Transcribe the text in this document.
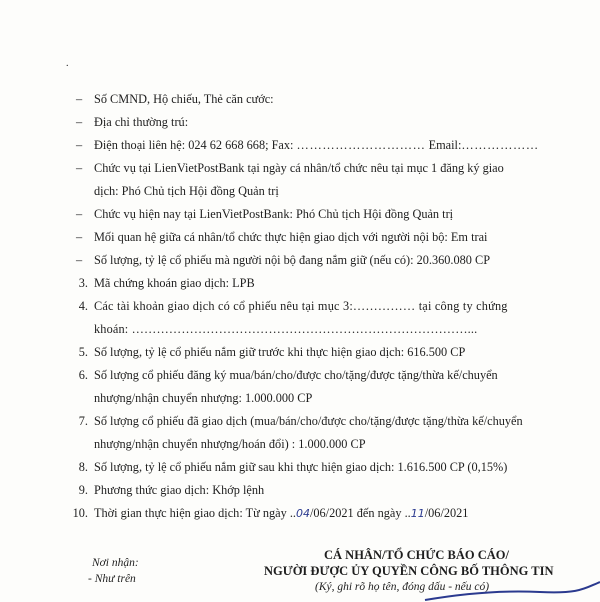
.
– Số CMND, Hộ chiếu, Thẻ căn cước:
– Địa chỉ thường trú:
– Điện thoại liên hệ: 024 62 668 668; Fax: ………………………… Email:………………
– Chức vụ tại LienVietPostBank tại ngày cá nhân/tổ chức nêu tại mục 1 đăng ký giao
dịch: Phó Chủ tịch Hội đồng Quản trị
– Chức vụ hiện nay tại LienVietPostBank: Phó Chủ tịch Hội đồng Quản trị
– Mối quan hệ giữa cá nhân/tổ chức thực hiện giao dịch với người nội bộ: Em trai
– Số lượng, tỷ lệ cổ phiếu mà người nội bộ đang nắm giữ (nếu có): 20.360.080 CP
3. Mã chứng khoán giao dịch: LPB
4. Các tài khoản giao dịch có cổ phiếu nêu tại mục 3:…………… tại công ty chứng
khoán: ………………………………………………………………………...
5. Số lượng, tỷ lệ cổ phiếu nắm giữ trước khi thực hiện giao dịch: 616.500 CP
6. Số lượng cổ phiếu đăng ký mua/bán/cho/được cho/tặng/được tặng/thừa kế/chuyển
nhượng/nhận chuyển nhượng: 1.000.000 CP
7. Số lượng cổ phiếu đã giao dịch (mua/bán/cho/được cho/tặng/được tặng/thừa kế/chuyển
nhượng/nhận chuyển nhượng/hoán đổi) : 1.000.000 CP
8. Số lượng, tỷ lệ cổ phiếu nắm giữ sau khi thực hiện giao dịch: 1.616.500 CP (0,15%)
9. Phương thức giao dịch: Khớp lệnh
10. Thời gian thực hiện giao dịch: Từ ngày ..04/06/2021 đến ngày ..11/06/2021
Nơi nhận:
- Như trên
CÁ NHÂN/TỔ CHỨC BÁO CÁO/
NGƯỜI ĐƯỢC ỦY QUYỀN CÔNG BỐ THÔNG TIN
(Ký, ghi rõ họ tên, đóng dấu - nếu có)
